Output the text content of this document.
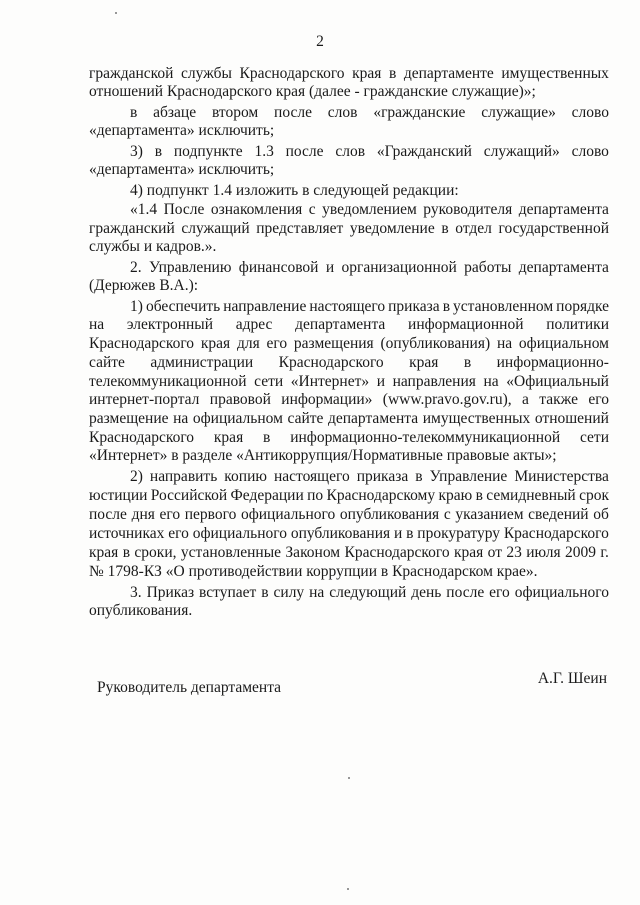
2
гражданской службы Краснодарского края в департаменте имущественных
отношений Краснодарского края (далее - гражданские служащие)»;
в абзаце втором после слов «гражданские служащие» слово
«департамента» исключить;
3) в подпункте 1.3 после слов «Гражданский служащий» слово
«департамента» исключить;
4) подпункт 1.4 изложить в следующей редакции:
«1.4 После ознакомления с уведомлением руководителя департамента
гражданский служащий представляет уведомление в отдел государственной
службы и кадров.».
2. Управлению финансовой и организационной работы департамента
(Дерюжев В.А.):
1) обеспечить направление настоящего приказа в установленном порядке
на электронный адрес департамента информационной политики
Краснодарского края для его размещения (опубликования) на официальном
сайте администрации Краснодарского края в информационно-
телекоммуникационной сети «Интернет» и направления на «Официальный
интернет-портал правовой информации» (www.pravo.gov.ru), а также его
размещение на официальном сайте департамента имущественных отношений
Краснодарского края в информационно-телекоммуникационной сети
«Интернет» в разделе «Антикоррупция/Нормативные правовые акты»;
2) направить копию настоящего приказа в Управление Министерства
юстиции Российской Федерации по Краснодарскому краю в семидневный срок
после дня его первого официального опубликования с указанием сведений об
источниках его официального опубликования и в прокуратуру Краснодарского
края в сроки, установленные Законом Краснодарского края от 23 июля 2009 г.
№ 1798-КЗ «О противодействии коррупции в Краснодарском крае».
3. Приказ вступает в силу на следующий день после его официального
опубликования.
Руководитель департамента
А.Г. Шеин
